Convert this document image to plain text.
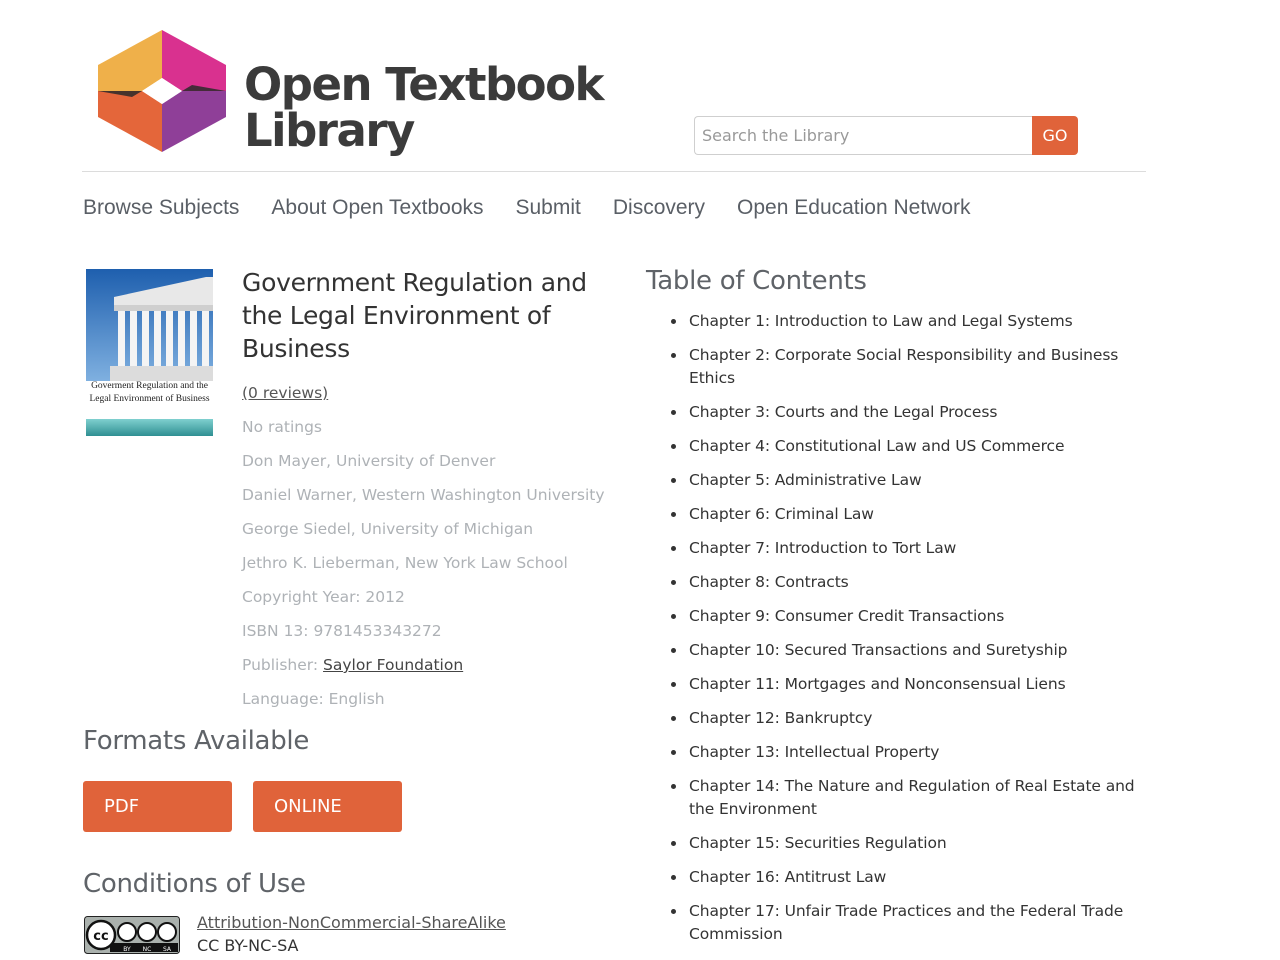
Open Textbook
Library
Search the Library	GO
Browse Subjects About Open Textbooks Submit Discovery Open Education Network
Goverment Regulation and the Legal Environment of Business
Government Regulation and the Legal Environment of Business
(0 reviews)
No ratings
Don Mayer, University of Denver
Daniel Warner, Western Washington University
George Siedel, University of Michigan
Jethro K. Lieberman, New York Law School
Copyright Year: 2012
ISBN 13: 9781453343272
Publisher: Saylor Foundation
Language: English
Formats Available
PDF	ONLINE
Conditions of Use
cc
BY NC SA
Attribution-NonCommercial-ShareAlike
CC BY-NC-SA
Table of Contents
Chapter 1: Introduction to Law and Legal Systems
Chapter 2: Corporate Social Responsibility and Business Ethics
Chapter 3: Courts and the Legal Process
Chapter 4: Constitutional Law and US Commerce
Chapter 5: Administrative Law
Chapter 6: Criminal Law
Chapter 7: Introduction to Tort Law
Chapter 8: Contracts
Chapter 9: Consumer Credit Transactions
Chapter 10: Secured Transactions and Suretyship
Chapter 11: Mortgages and Nonconsensual Liens
Chapter 12: Bankruptcy
Chapter 13: Intellectual Property
Chapter 14: The Nature and Regulation of Real Estate and the Environment
Chapter 15: Securities Regulation
Chapter 16: Antitrust Law
Chapter 17: Unfair Trade Practices and the Federal Trade Commission
